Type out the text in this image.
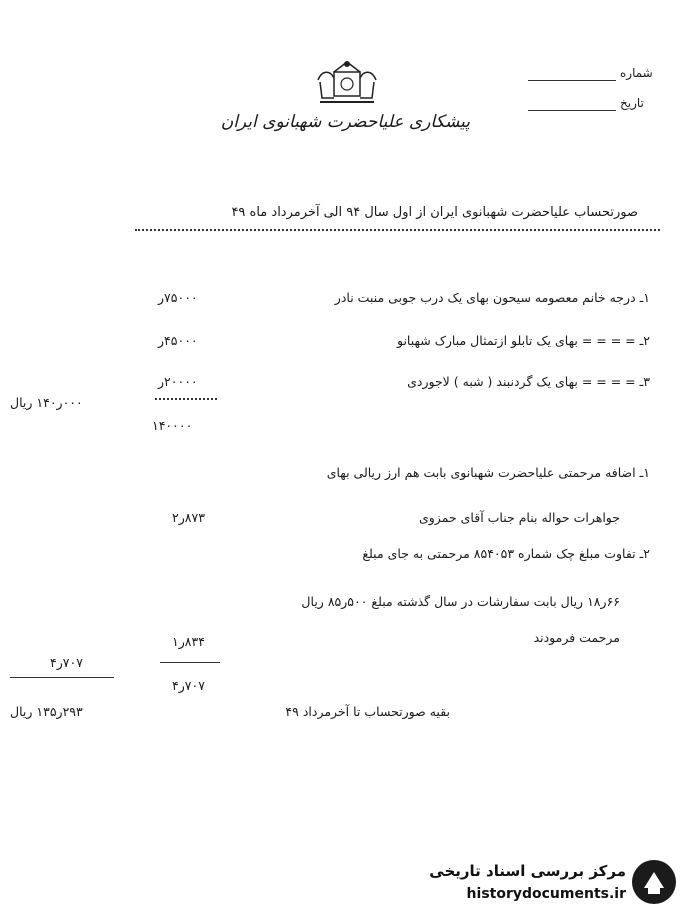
پیشکاری علیاحضرت شهبانوی ایران
شماره
تاریخ
صورتحساب علیاحضرت شهبانوی ایران از اول سال ۹۴ الی آخرمرداد ماه ۴۹
۱ـ درجه خانم معصومه سیحون بهای یک درب جوبی منبت نادر
۷۵۰۰۰ر
۲ـ = = = = بهای یک تابلو ازتمثال مبارک شهبانو
۴۵۰۰۰ر
۳ـ = = = = بهای یک گردنبند ( شبه ) لاجوردی
۲۰۰۰۰ر
۰۰۰ر۱۴۰ ریال
۱۴۰۰۰۰
۱ـ اضافه مرحمتی علیاحضرت شهبانوی بابت هم ارز ریالی بهای
جواهرات حواله بنام جناب آقای حمزوی
۸۷۳ر۲
۲ـ تفاوت مبلغ چک شماره ۸۵۴۰۵۳ مرحمتی به جای مبلغ
۶۶ر۱۸ ریال بابت سفارشات در سال گذشته مبلغ ۵۰۰ر۸۵ ریال
مرحمت فرمودند
۸۳۴ر۱
۷۰۷ر۴
۷۰۷ر۴
بقیه صورتحساب تا آخرمرداد ۴۹
۲۹۳ر۱۳۵ ریال
مرکز بررسی اسناد تاریخی
historydocuments.ir
